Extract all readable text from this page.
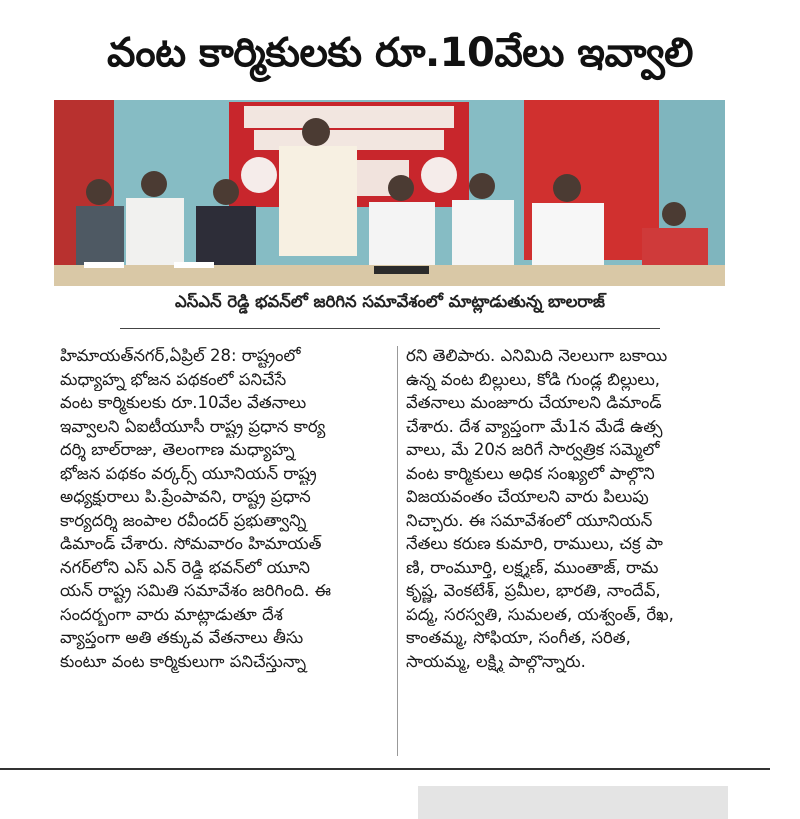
వంట కార్మికులకు రూ.10వేలు ఇవ్వాలి
ఎస్ఎన్ రెడ్డి భవన్‌లో జరిగిన సమావేశంలో మాట్లాడుతున్న బాలరాజ్
హిమాయత్‌నగర్,ఏప్రిల్ 28: రాష్ట్రంలో
మధ్యాహ్న భోజన పథకంలో పనిచేసే
వంట కార్మికులకు రూ.10వేల వేతనాలు
ఇవ్వాలని ఏఐటీయూసీ రాష్ట్ర ప్రధాన కార్య
దర్శి బాల్‌రాజు, తెలంగాణ మధ్యాహ్న
భోజన పథకం వర్కర్స్ యూనియన్ రాష్ట్ర
అధ్యక్షురాలు పి.ప్రేంపావని, రాష్ట్ర ప్రధాన
కార్యదర్శి జంపాల రవీందర్ ప్రభుత్వాన్ని
డిమాండ్ చేశారు. సోమవారం హిమాయత్
నగర్‌లోని ఎస్ ఎన్ రెడ్డి భవన్‌లో యూని
యన్ రాష్ట్ర సమితి సమావేశం జరిగింది. ఈ
సందర్భంగా వారు మాట్లాడుతూ దేశ
వ్యాప్తంగా అతి తక్కువ వేతనాలు తీసు
కుంటూ వంట కార్మికులుగా పనిచేస్తున్నా
రని తెలిపారు. ఎనిమిది నెలలుగా బకాయి
ఉన్న వంట బిల్లులు, కోడి గుండ్ల బిల్లులు,
వేతనాలు మంజూరు చేయాలని డిమాండ్
చేశారు. దేశ వ్యాప్తంగా మే1న మేడే ఉత్స
వాలు, మే 20న జరిగే సార్వత్రిక సమ్మెలో
వంట కార్మికులు అధిక సంఖ్యలో పాల్గొని
విజయవంతం చేయాలని వారు పిలుపు
నిచ్చారు. ఈ సమావేశంలో యూనియన్
నేతలు కరుణ కుమారి, రాములు, చక్ర పా
ణి, రాంమూర్తి, లక్ష్మణ్, ముంతాజ్, రామ
కృష్ణ, వెంకటేశ్, ప్రమీల, భారతి, నాందేవ్,
పద్మ, సరస్వతి, సుమలత, యశ్వంత్, రేఖ,
కాంతమ్మ, సోఫియా, సంగీత, సరిత,
సాయమ్మ, లక్ష్మి పాల్గొన్నారు.
